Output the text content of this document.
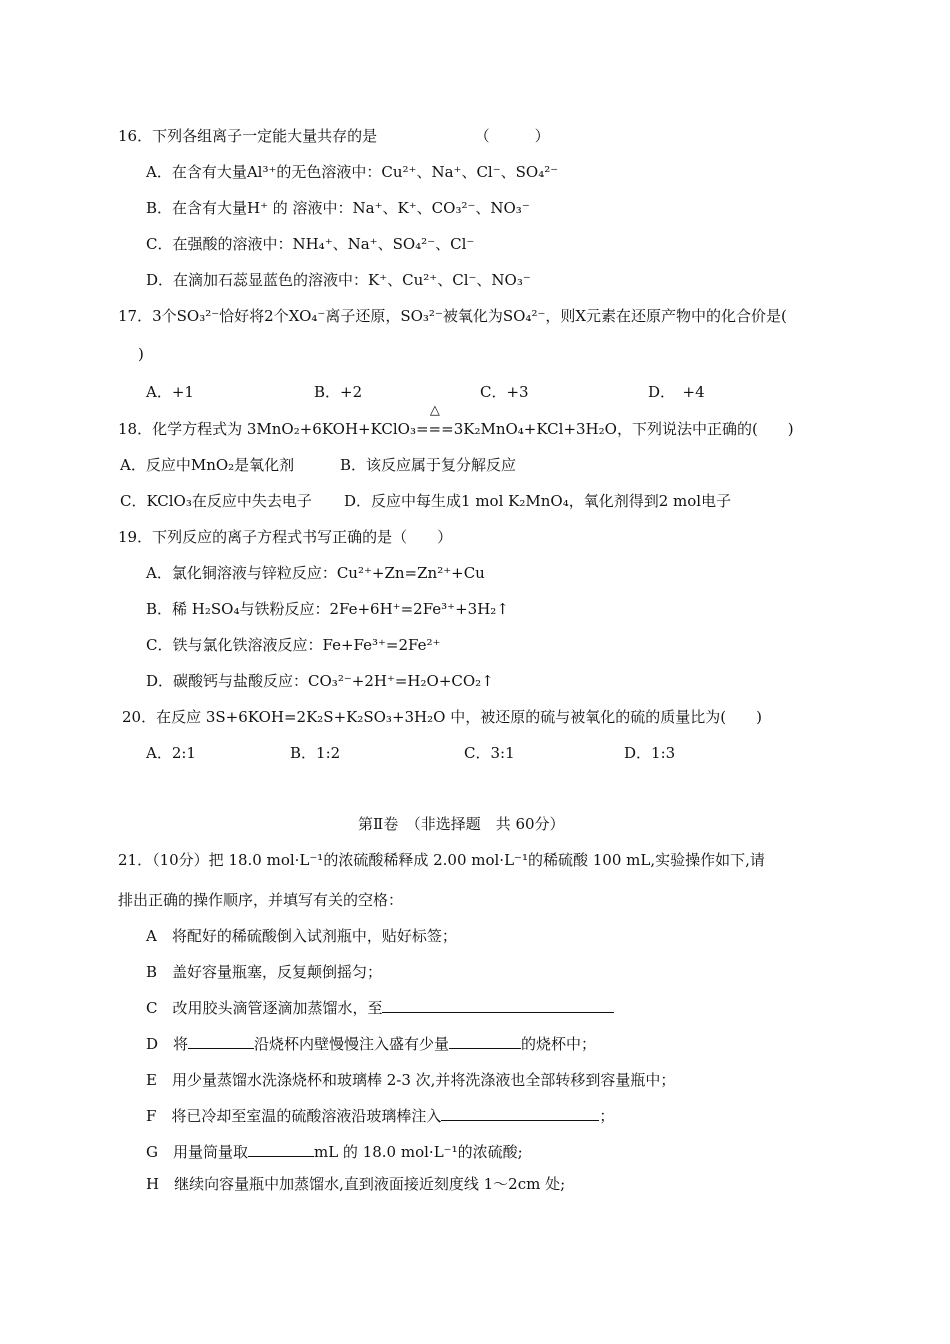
16．下列各组离子一定能大量共存的是　　　　　　　（　　　）
A．在含有大量Al³⁺的无色溶液中：Cu²⁺、Na⁺、Cl⁻、SO₄²⁻
B．在含有大量H⁺ 的 溶液中：Na⁺、K⁺、CO₃²⁻、NO₃⁻
C．在强酸的溶液中：NH₄⁺、Na⁺、SO₄²⁻、Cl⁻
D．在滴加石蕊显蓝色的溶液中：K⁺、Cu²⁺、Cl⁻、NO₃⁻
17．3个SO₃²⁻恰好将2个XO₄⁻离子还原，SO₃²⁻被氧化为SO₄²⁻，则X元素在还原产物中的化合价是(
)
A．+1	B．+2	C．+3	D．　+4
18．化学方程式为 3MnO₂+6KOH+KClO₃
△
===3K₂MnO₄+KCl+3H₂O，下列说法中正确的(　　)
A．反应中MnO₂是氧化剂	B．该反应属于复分解反应
C．KClO₃在反应中失去电子 D．反应中每生成1 mol K₂MnO₄，氧化剂得到2 mol电子
19．下列反应的离子方程式书写正确的是（　　）
A．氯化铜溶液与锌粒反应：Cu²⁺+Zn=Zn²⁺+Cu
B．稀 H₂SO₄与铁粉反应：2Fe+6H⁺=2Fe³⁺+3H₂↑
C．铁与氯化铁溶液反应：Fe+Fe³⁺=2Fe²⁺
D．碳酸钙与盐酸反应：CO₃²⁻+2H⁺=H₂O+CO₂↑
20．在反应 3S+6KOH=2K₂S+K₂SO₃+3H₂O 中，被还原的硫与被氧化的硫的质量比为(　　)
A．2:1	B．1:2	C．3:1	D．1:3
第Ⅱ卷　（非选择题　共 60分）
21．（10分）把 18.0 mol·L⁻¹的浓硫酸稀释成 2.00 mol·L⁻¹的稀硫酸 100 mL,实验操作如下,请
排出正确的操作顺序，并填写有关的空格：
A　将配好的稀硫酸倒入试剂瓶中，贴好标签；
B　盖好容量瓶塞，反复颠倒摇匀；
C　改用胶头滴管逐滴加蒸馏水，至
D　将	沿烧杯内壁慢慢注入盛有少量	的烧杯中；
E　用少量蒸馏水洗涤烧杯和玻璃棒 2-3 次,并将洗涤液也全部转移到容量瓶中；
F　将已冷却至室温的硫酸溶液沿玻璃棒注入	；
G　用量筒量取	mL 的 18.0 mol·L⁻¹的浓硫酸;
H　继续向容量瓶中加蒸馏水,直到液面接近刻度线 1～2cm 处;
